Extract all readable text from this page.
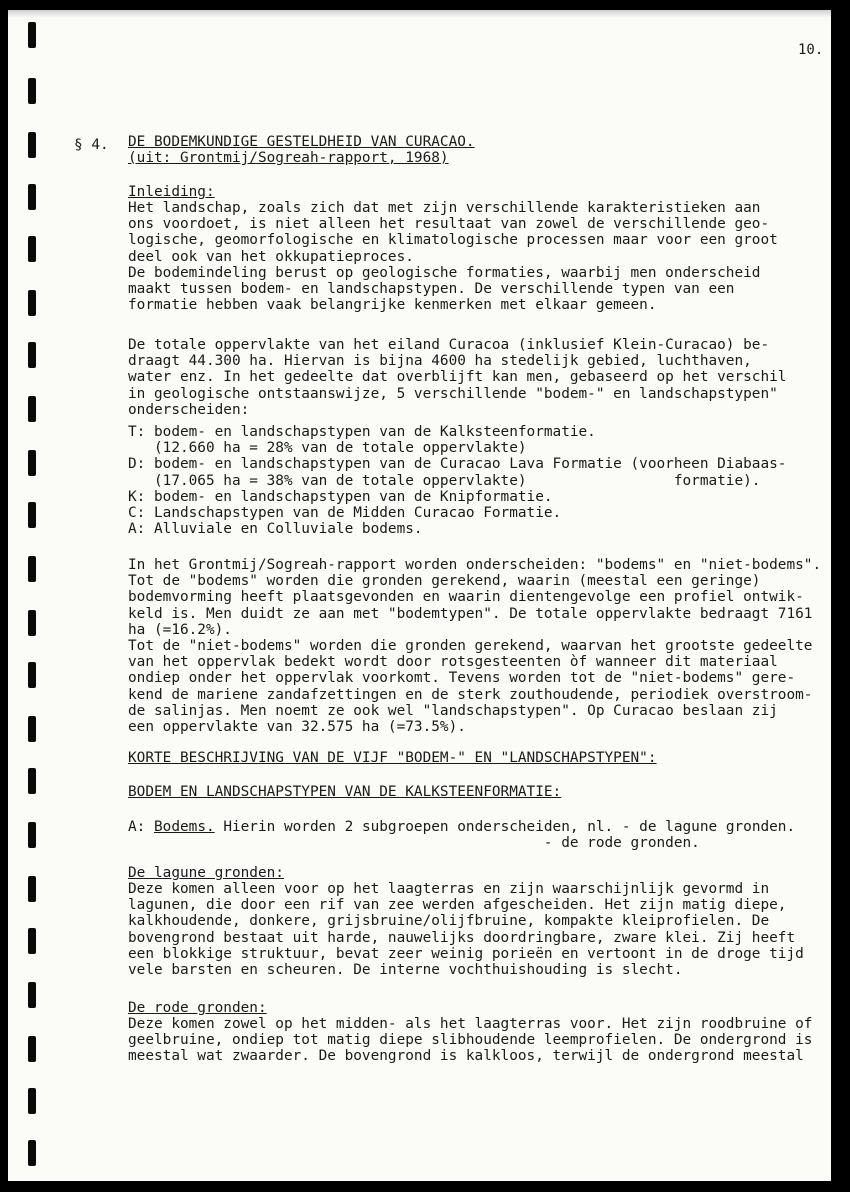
10.
§ 4. DE BODEMKUNDIGE GESTELDHEID VAN CURACAO.
(uit: Grontmij/Sogreah-rapport, 1968)
Inleiding:
Het landschap, zoals zich dat met zijn verschillende karakteristieken aan
ons voordoet, is niet alleen het resultaat van zowel de verschillende geo-
logische, geomorfologische en klimatologische processen maar voor een groot
deel ook van het okkupatieproces.
De bodemindeling berust op geologische formaties, waarbij men onderscheid
maakt tussen bodem- en landschapstypen. De verschillende typen van een
formatie hebben vaak belangrijke kenmerken met elkaar gemeen.
De totale oppervlakte van het eiland Curacoa (inklusief Klein-Curacao) be-
draagt 44.300 ha. Hiervan is bijna 4600 ha stedelijk gebied, luchthaven,
water enz. In het gedeelte dat overblijft kan men, gebaseerd op het verschil
in geologische ontstaanswijze, 5 verschillende "bodem-" en landschapstypen"
onderscheiden:
T: bodem- en landschapstypen van de Kalksteenformatie.
(12.660 ha = 28% van de totale oppervlakte)
D: bodem- en landschapstypen van de Curacao Lava Formatie (voorheen Diabaas-
(17.065 ha = 38% van de totale oppervlakte)                 formatie).
K: bodem- en landschapstypen van de Knipformatie.
C: Landschapstypen van de Midden Curacao Formatie.
A: Alluviale en Colluviale bodems.
In het Grontmij/Sogreah-rapport worden onderscheiden: "bodems" en "niet-bodems".
Tot de "bodems" worden die gronden gerekend, waarin (meestal een geringe)
bodemvorming heeft plaatsgevonden en waarin dientengevolge een profiel ontwik-
keld is. Men duidt ze aan met "bodemtypen". De totale oppervlakte bedraagt 7161
ha (=16.2%).
Tot de "niet-bodems" worden die gronden gerekend, waarvan het grootste gedeelte
van het oppervlak bedekt wordt door rotsgesteenten òf wanneer dit materiaal
ondiep onder het oppervlak voorkomt. Tevens worden tot de "niet-bodems" gere-
kend de mariene zandafzettingen en de sterk zouthoudende, periodiek overstroom-
de salinjas. Men noemt ze ook wel "landschapstypen". Op Curacao beslaan zij
een oppervlakte van 32.575 ha (=73.5%).
KORTE BESCHRIJVING VAN DE VIJF "BODEM-" EN "LANDSCHAPSTYPEN":
BODEM EN LANDSCHAPSTYPEN VAN DE KALKSTEENFORMATIE:
A: Bodems. Hierin worden 2 subgroepen onderscheiden, nl. - de lagune gronden.
- de rode gronden.
De lagune gronden:
Deze komen alleen voor op het laagterras en zijn waarschijnlijk gevormd in
lagunen, die door een rif van zee werden afgescheiden. Het zijn matig diepe,
kalkhoudende, donkere, grijsbruine/olijfbruine, kompakte kleiprofielen. De
bovengrond bestaat uit harde, nauwelijks doordringbare, zware klei. Zij heeft
een blokkige struktuur, bevat zeer weinig porieën en vertoont in de droge tijd
vele barsten en scheuren. De interne vochthuishouding is slecht.
De rode gronden:
Deze komen zowel op het midden- als het laagterras voor. Het zijn roodbruine of
geelbruine, ondiep tot matig diepe slibhoudende leemprofielen. De ondergrond is
meestal wat zwaarder. De bovengrond is kalkloos, terwijl de ondergrond meestal
